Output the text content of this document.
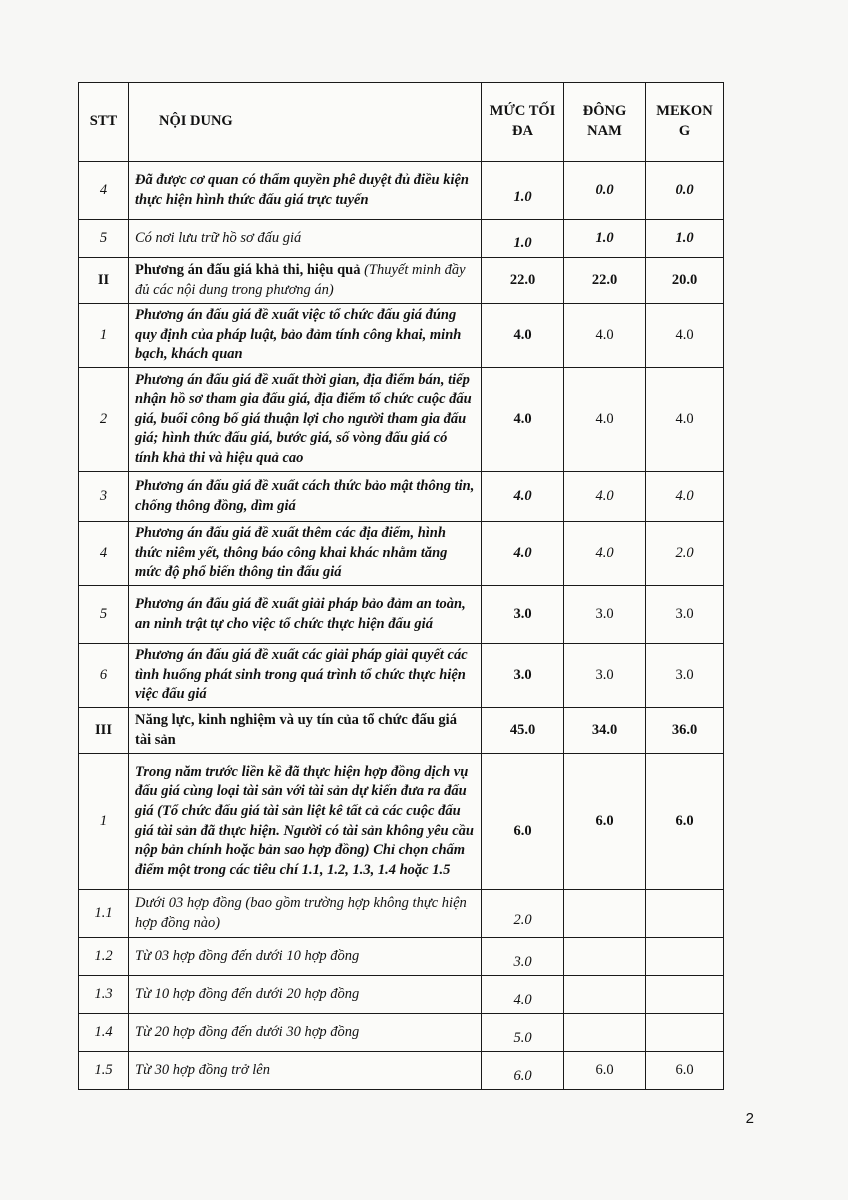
STT	NỘI DUNG	MỨC TỐI ĐA	ĐÔNG NAM	MEKON G
4	Đã được cơ quan có thẩm quyền phê duyệt đủ điều kiện thực hiện hình thức đấu giá trực tuyến	1.0	0.0	0.0
5	Có nơi lưu trữ hồ sơ đấu giá	1.0	1.0	1.0
II	Phương án đấu giá khả thi, hiệu quả (Thuyết minh đầy đủ các nội dung trong phương án)	22.0	22.0	20.0
1	Phương án đấu giá đề xuất việc tổ chức đấu giá đúng quy định của pháp luật, bảo đảm tính công khai, minh bạch, khách quan	4.0	4.0	4.0
2	Phương án đấu giá đề xuất thời gian, địa điểm bán, tiếp nhận hồ sơ tham gia đấu giá, địa điểm tổ chức cuộc đấu giá, buổi công bố giá thuận lợi cho người tham gia đấu giá; hình thức đấu giá, bước giá, số vòng đấu giá có tính khả thi và hiệu quả cao	4.0	4.0	4.0
3	Phương án đấu giá đề xuất cách thức bảo mật thông tin, chống thông đồng, dìm giá	4.0	4.0	4.0
4	Phương án đấu giá đề xuất thêm các địa điểm, hình thức niêm yết, thông báo công khai khác nhằm tăng mức độ phổ biến thông tin đấu giá	4.0	4.0	2.0
5	Phương án đấu giá đề xuất giải pháp bảo đảm an toàn, an ninh trật tự cho việc tổ chức thực hiện đấu giá	3.0	3.0	3.0
6	Phương án đấu giá đề xuất các giải pháp giải quyết các tình huống phát sinh trong quá trình tổ chức thực hiện việc đấu giá	3.0	3.0	3.0
III	Năng lực, kinh nghiệm và uy tín của tổ chức đấu giá tài sản	45.0	34.0	36.0
1	Trong năm trước liền kề đã thực hiện hợp đồng dịch vụ đấu giá cùng loại tài sản với tài sản dự kiến đưa ra đấu giá (Tổ chức đấu giá tài sản liệt kê tất cả các cuộc đấu giá tài sản đã thực hiện. Người có tài sản không yêu cầu nộp bản chính hoặc bản sao hợp đồng) Chỉ chọn chấm điểm một trong các tiêu chí 1.1, 1.2, 1.3, 1.4 hoặc 1.5	6.0	6.0	6.0
1.1	Dưới 03 hợp đồng (bao gồm trường hợp không thực hiện hợp đồng nào)	2.0		

1.2	Từ 03 hợp đồng đến dưới 10 hợp đồng	3.0		

1.3	Từ 10 hợp đồng đến dưới 20 hợp đồng	4.0		

1.4	Từ 20 hợp đồng đến dưới 30 hợp đồng	5.0		

1.5	Từ 30 hợp đồng trở lên	6.0	6.0	6.0
2
